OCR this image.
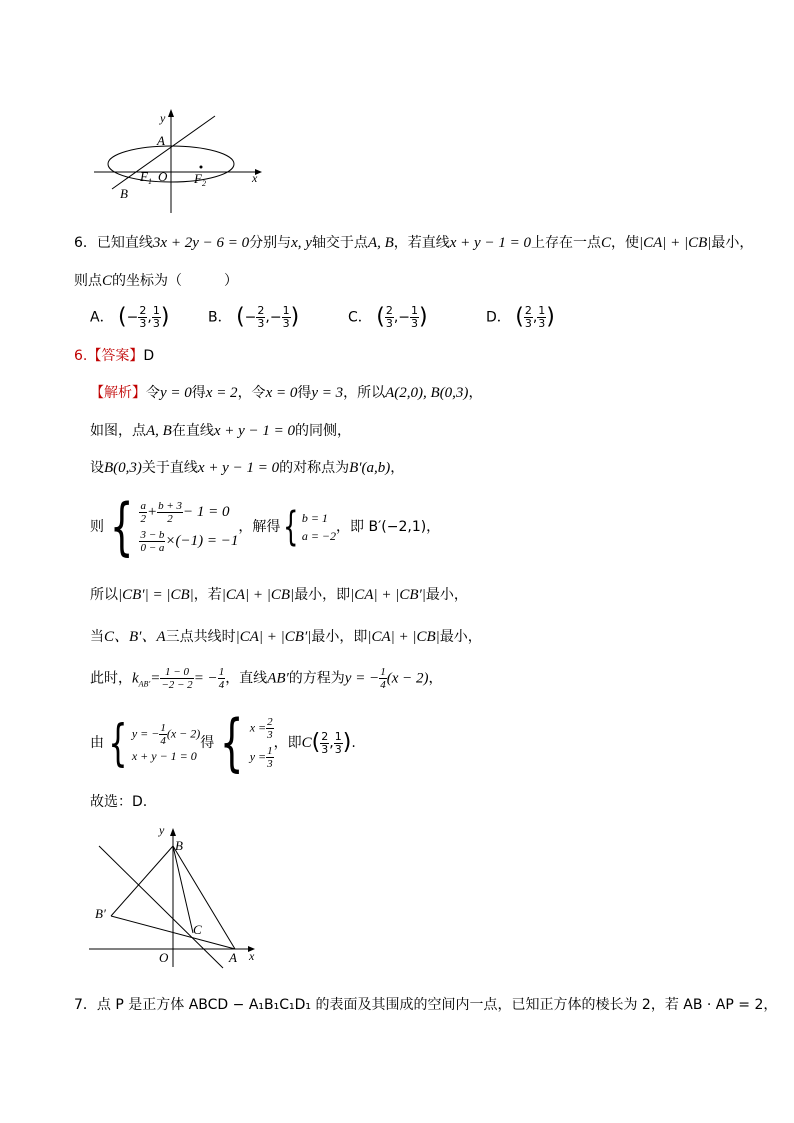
y
A
F 1 O F 2	x
B
6．已知直线3x + 2y − 6 = 0分别与x, y轴交于点A, B，若直线x + y − 1 = 0上存在一点C，使|CA| + |CB|最小，
则点C的坐标为（　　　）
A． (− $\frac{2}{3}$ , $\frac{1}{3}$ )	B． (− $\frac{2}{3}$ ,− $\frac{1}{3}$ )	C． ( $\frac{2}{3}$ ,− $\frac{1}{3}$ )	D． ( $\frac{2}{3}$ , $\frac{1}{3}$ )
6.【答案】D
【解析】令y = 0得x = 2，令x = 0得y = 3，所以A(2,0), B(0,3)，
如图，点A, B在直线x + y − 1 = 0的同侧，
设B(0,3)关于直线x + y − 1 = 0的对称点为B′(a,b)，
则{ $\frac{a}{2} + \frac{b + 3}{2} - 1 = 0$
$\frac{3 - b}{0 - a} \times(-1) = -1$
，解得{ b = 1
a = −2
，即 B′(−2,1)，
所以|CB′| = |CB|，若|CA| + |CB|最小，即|CA| + |CB′|最小，
当C、B′、A三点共线时|CA| + |CB′|最小，即|CA| + |CB|最小，
此时，$k_{AB'}= \frac{1 - 0}{-2 - 2}$ = − $\frac{1}{4}$ ，直线AB′的方程为y = − $\frac{1}{4} (x - 2)$，
由{ y = − $\frac{1}{4} (x - 2)$
x + y − 1 = 0
得{ $x = \frac{2}{3}$
$y = \frac{1}{3}$
，即$C( \frac{2}{3}$ , $\frac{1}{3}$ ).
故选：D.
y
B
B′
C
O	A x
7．点 P 是正方体 ABCD − A₁B₁C₁D₁ 的表面及其围成的空间内一点，已知正方体的棱长为 2，若 AB · AP = 2，
